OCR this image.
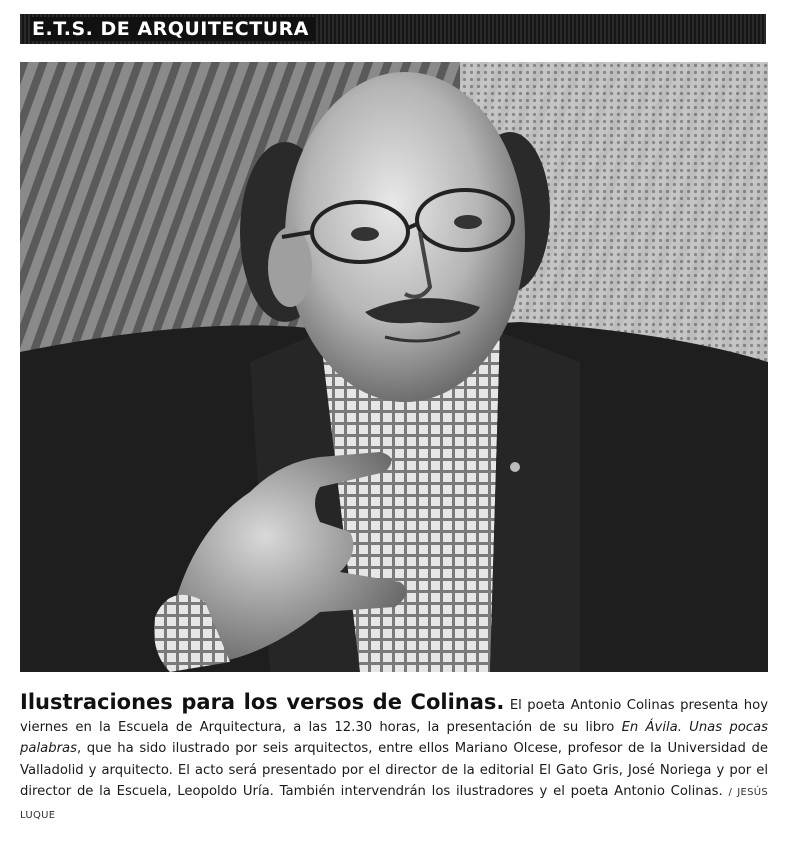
E.T.S. DE ARQUITECTURA
Ilustraciones para los versos de Colinas. El poeta Antonio Colinas presenta hoy viernes en la Escuela de Arquitectura, a las 12.30 horas, la presentación de su libro En Ávila. Unas pocas palabras, que ha sido ilustrado por seis arquitectos, entre ellos Mariano Olcese, profesor de la Universidad de Valladolid y arquitecto. El acto será presentado por el director de la editorial El Gato Gris, José Noriega y por el director de la Escuela, Leopoldo Uría. También intervendrán los ilustradores y el poeta Antonio Colinas. / JESÚS LUQUE
